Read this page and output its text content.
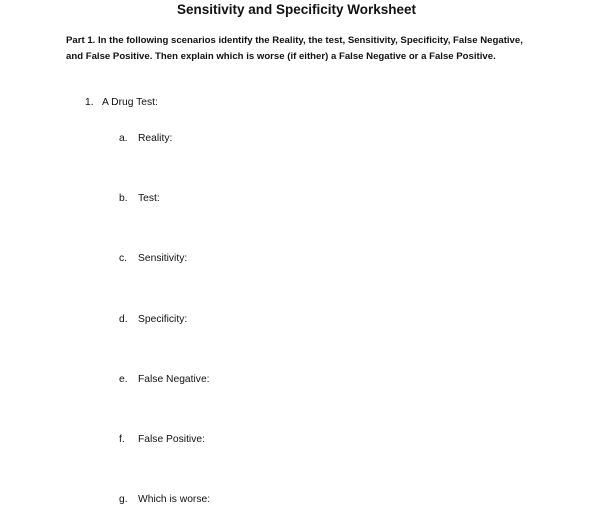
Sensitivity and Specificity Worksheet
Part 1. In the following scenarios identify the Reality, the test, Sensitivity, Specificity, False Negative,
and False Positive. Then explain which is worse (if either) a False Negative or a False Positive.
1. A Drug Test:
a. Reality:
b. Test:
c. Sensitivity:
d. Specificity:
e. False Negative:
f. False Positive:
g. Which is worse:
